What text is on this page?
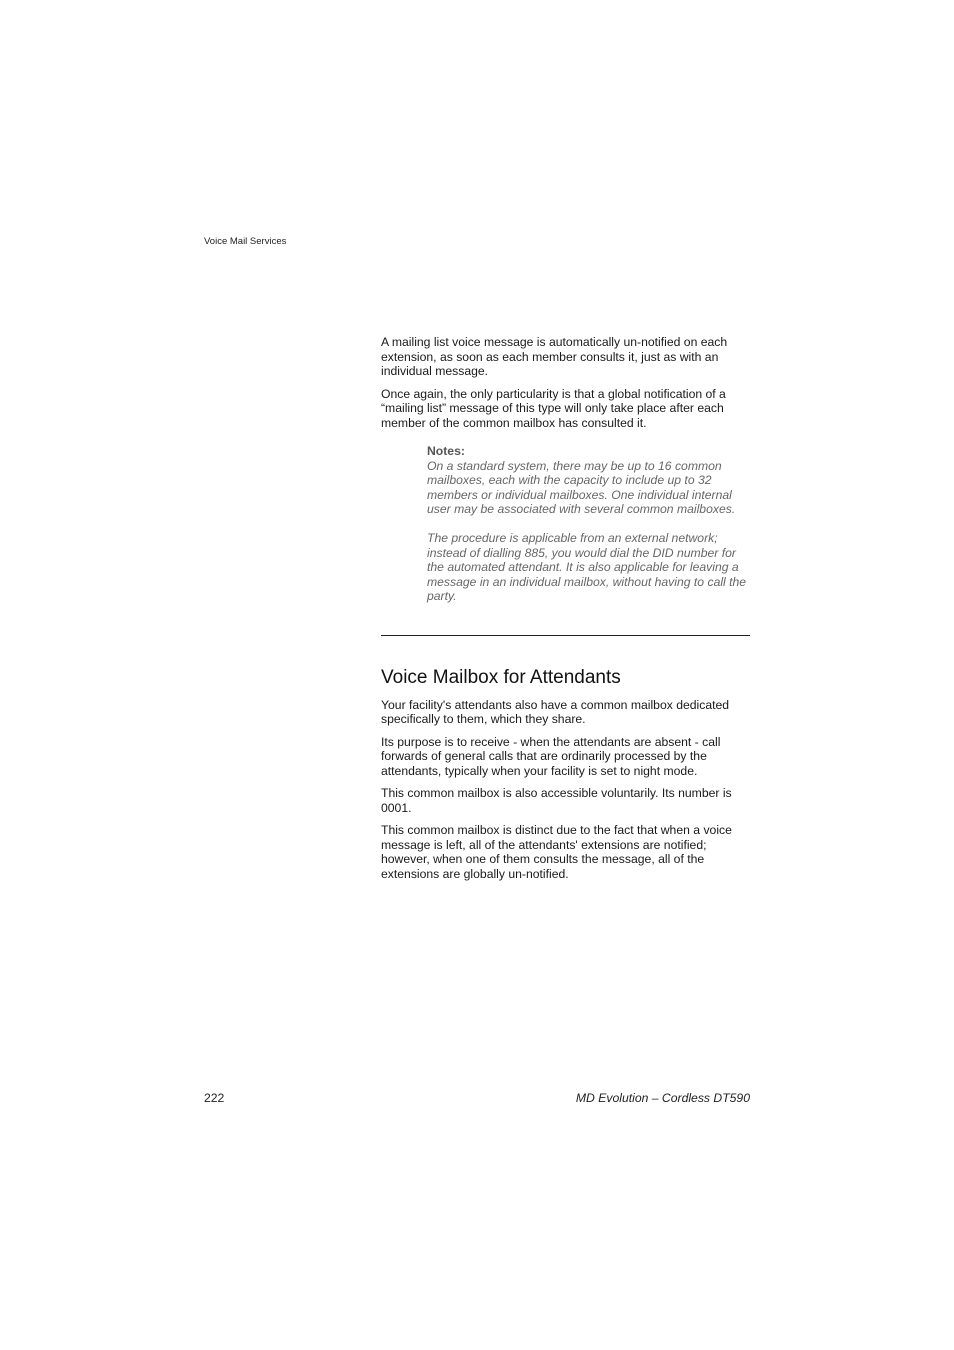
Voice Mail Services

A mailing list voice message is automatically un-notified on each extension, as soon as each member consults it, just as with an individual message.

Once again, the only particularity is that a global notification of a “mailing list” message of this type will only take place after each member of the common mailbox has consulted it.

Notes:

On a standard system, there may be up to 16 common mailboxes, each with the capacity to include up to 32 members or individual mailboxes. One individual internal user may be associated with several common mailboxes.

The procedure is applicable from an external network; instead of dialling 885, you would dial the DID number for the automated attendant. It is also applicable for leaving a message in an individual mailbox, without having to call the party.

Voice Mailbox for Attendants

Your facility's attendants also have a common mailbox dedicated specifically to them, which they share.

Its purpose is to receive - when the attendants are absent - call forwards of general calls that are ordinarily processed by the attendants, typically when your facility is set to night mode.

This common mailbox is also accessible voluntarily. Its number is 0001.

This common mailbox is distinct due to the fact that when a voice message is left, all of the attendants' extensions are notified; however, when one of them consults the message, all of the extensions are globally un-notified.

222	MD Evolution – Cordless DT590
